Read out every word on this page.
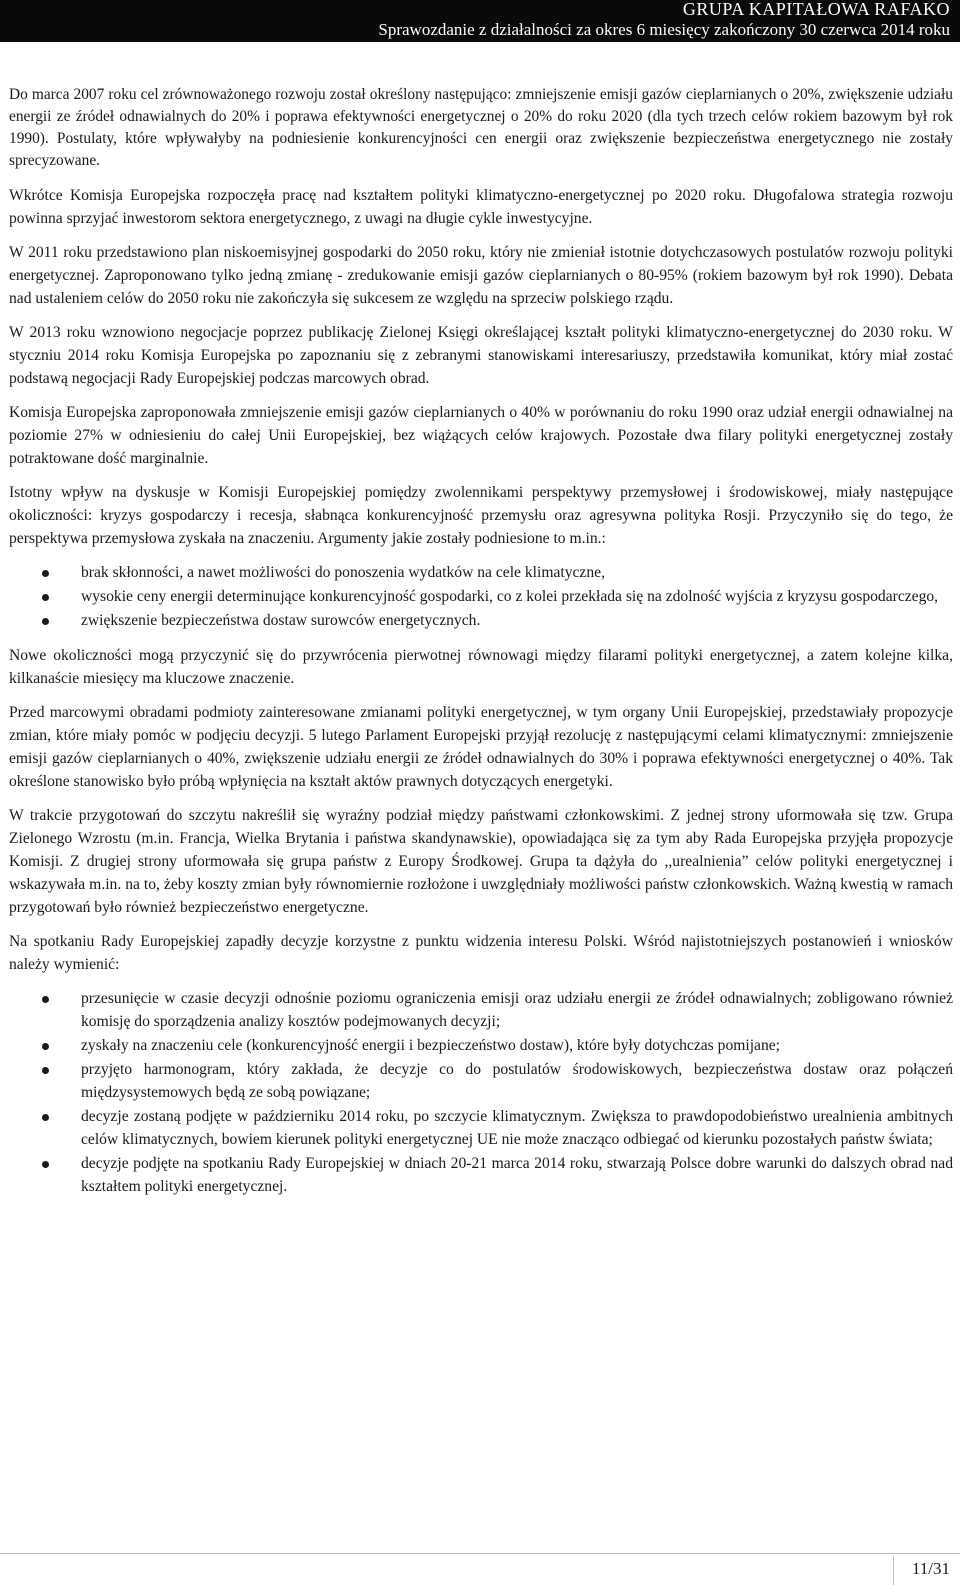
GRUPA KAPITAŁOWA RAFAKO
Sprawozdanie z działalności za okres 6 miesięcy zakończony 30 czerwca 2014 roku

Do marca 2007 roku cel zrównoważonego rozwoju został określony następująco: zmniejszenie emisji gazów cieplarnianych o 20%, zwiększenie udziału energii ze źródeł odnawialnych do 20% i poprawa efektywności energetycznej o 20% do roku 2020 (dla tych trzech celów rokiem bazowym był rok 1990). Postulaty, które wpływałyby na podniesienie konkurencyjności cen energii oraz zwiększenie bezpieczeństwa energetycznego nie zostały sprecyzowane.

Wkrótce Komisja Europejska rozpoczęła pracę nad kształtem polityki klimatyczno-energetycznej po 2020 roku. Długofalowa strategia rozwoju powinna sprzyjać inwestorom sektora energetycznego, z uwagi na długie cykle inwestycyjne.

W 2011 roku przedstawiono plan niskoemisyjnej gospodarki do 2050 roku, który nie zmieniał istotnie dotychczasowych postulatów rozwoju polityki energetycznej. Zaproponowano tylko jedną zmianę - zredukowanie emisji gazów cieplarnianych o 80-95% (rokiem bazowym był rok 1990). Debata nad ustaleniem celów do 2050 roku nie zakończyła się sukcesem ze względu na sprzeciw polskiego rządu.

W 2013 roku wznowiono negocjacje poprzez publikację Zielonej Księgi określającej kształt polityki klimatyczno-energetycznej do 2030 roku. W styczniu 2014 roku Komisja Europejska po zapoznaniu się z zebranymi stanowiskami interesariuszy, przedstawiła komunikat, który miał zostać podstawą negocjacji Rady Europejskiej podczas marcowych obrad.

Komisja Europejska zaproponowała zmniejszenie emisji gazów cieplarnianych o 40% w porównaniu do roku 1990 oraz udział energii odnawialnej na poziomie 27% w odniesieniu do całej Unii Europejskiej, bez wiążących celów krajowych. Pozostałe dwa filary polityki energetycznej zostały potraktowane dość marginalnie.

Istotny wpływ na dyskusje w Komisji Europejskiej pomiędzy zwolennikami perspektywy przemysłowej i środowiskowej, miały następujące okoliczności: kryzys gospodarczy i recesja, słabnąca konkurencyjność przemysłu oraz agresywna polityka Rosji. Przyczyniło się do tego, że perspektywa przemysłowa zyskała na znaczeniu. Argumenty jakie zostały podniesione to m.in.:

brak skłonności, a nawet możliwości do ponoszenia wydatków na cele klimatyczne,
wysokie ceny energii determinujące konkurencyjność gospodarki, co z kolei przekłada się na zdolność wyjścia z kryzysu gospodarczego,
zwiększenie bezpieczeństwa dostaw surowców energetycznych.

Nowe okoliczności mogą przyczynić się do przywrócenia pierwotnej równowagi między filarami polityki energetycznej, a zatem kolejne kilka, kilkanaście miesięcy ma kluczowe znaczenie.

Przed marcowymi obradami podmioty zainteresowane zmianami polityki energetycznej, w tym organy Unii Europejskiej, przedstawiały propozycje zmian, które miały pomóc w podjęciu decyzji. 5 lutego Parlament Europejski przyjął rezolucję z następującymi celami klimatycznymi: zmniejszenie emisji gazów cieplarnianych o 40%, zwiększenie udziału energii ze źródeł odnawialnych do 30% i poprawa efektywności energetycznej o 40%. Tak określone stanowisko było próbą wpłynięcia na kształt aktów prawnych dotyczących energetyki.

W trakcie przygotowań do szczytu nakreślił się wyraźny podział między państwami członkowskimi. Z jednej strony uformowała się tzw. Grupa Zielonego Wzrostu (m.in. Francja, Wielka Brytania i państwa skandynawskie), opowiadająca się za tym aby Rada Europejska przyjęła propozycje Komisji. Z drugiej strony uformowała się grupa państw z Europy Środkowej. Grupa ta dążyła do ,,urealnienia” celów polityki energetycznej i wskazywała m.in. na to, żeby koszty zmian były równomiernie rozłożone i uwzględniały możliwości państw członkowskich. Ważną kwestią w ramach przygotowań było również bezpieczeństwo energetyczne.

Na spotkaniu Rady Europejskiej zapadły decyzje korzystne z punktu widzenia interesu Polski. Wśród najistotniejszych postanowień i wniosków należy wymienić:

przesunięcie w czasie decyzji odnośnie poziomu ograniczenia emisji oraz udziału energii ze źródeł odnawialnych; zobligowano również komisję do sporządzenia analizy kosztów podejmowanych decyzji;
zyskały na znaczeniu cele (konkurencyjność energii i bezpieczeństwo dostaw), które były dotychczas pomijane;
przyjęto harmonogram, który zakłada, że decyzje co do postulatów środowiskowych, bezpieczeństwa dostaw oraz połączeń międzysystemowych będą ze sobą powiązane;
decyzje zostaną podjęte w październiku 2014 roku, po szczycie klimatycznym. Zwiększa to prawdopodobieństwo urealnienia ambitnych celów klimatycznych, bowiem kierunek polityki energetycznej UE nie może znacząco odbiegać od kierunku pozostałych państw świata;
decyzje podjęte na spotkaniu Rady Europejskiej w dniach 20-21 marca 2014 roku, stwarzają Polsce dobre warunki do dalszych obrad nad kształtem polityki energetycznej.
11/31
